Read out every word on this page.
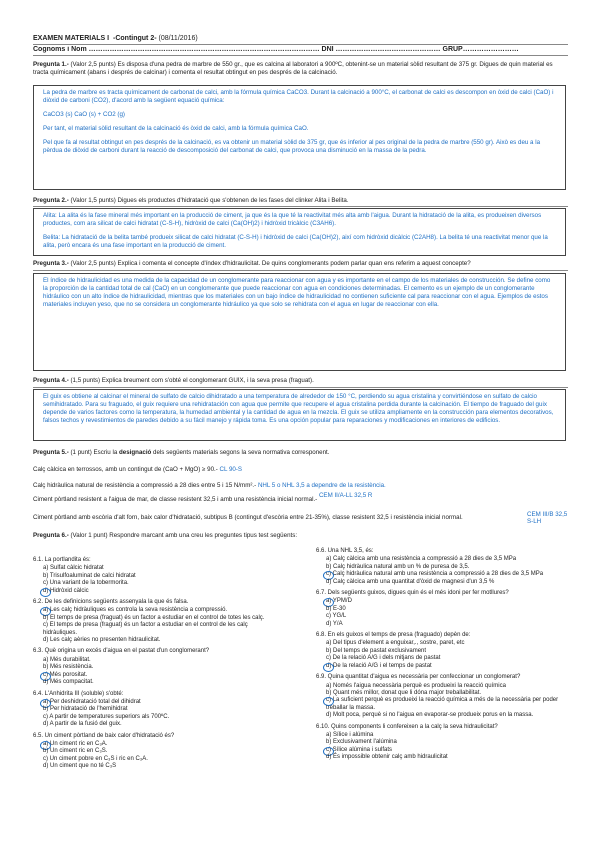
EXAMEN MATERIALS I -Contingut 2- (08/11/2016)
Cognoms i Nom ……………………………………………………………………………………… DNI ……………………………………… GRUP……………………
Pregunta 1.- (Valor 2,5 punts) Es disposa d'una pedra de marbre de 550 gr., que es calcina al laboratori a 900ºC, obtenint-se un material sòlid resultant de 375 gr. Digues de quin material es tracta químicament (abans i després de calcinar) i comenta el resultat obtingut en pes després de la calcinació.

La pedra de marbre es tracta químicament de carbonat de calci, amb la fórmula química CaCO3. Durant la calcinació a 900°C, el carbonat de calci es descompon en òxid de calci (CaO) i diòxid de carboni (CO2), d'acord amb la següent equació química:

CaCO3 (s) CaO (s) + CO2 (g)

Per tant, el material sòlid resultant de la calcinació és òxid de calci, amb la fórmula química CaO.

Pel que fa al resultat obtingut en pes després de la calcinació, es va obtenir un material sòlid de 375 gr, que és inferior al pes original de la pedra de marbre (550 gr). Això es deu a la pèrdua de diòxid de carboni durant la reacció de descomposició del carbonat de calci, que provoca una disminució en la massa de la pedra.

Pregunta 2.- (Valor 1,5 punts) Digues els productes d'hidratació que s'obtenen de les fases del clinker Alita i Belita.

Alita: La alita és la fase mineral més important en la producció de ciment, ja que és la que té la reactivitat més alta amb l'aigua. Durant la hidratació de la alita, es produeixen diversos productes, com ara silicat de calci hidratat (C-S-H), hidròxid de calci (Ca(OH)2) i hidròxid tricàlcic (C3AH6).

Belita: La hidratació de la belita també produeix silicat de calci hidratat (C-S-H) i hidròxid de calci (Ca(OH)2), així com hidròxid dicàlcic (C2AH8). La belita té una reactivitat menor que la alita, però encara és una fase important en la producció de ciment.

Pregunta 3.- (Valor 2,5 punts) Explica i comenta el concepte d'índex d'hidraulicitat. De quins conglomerants podem parlar quan ens referim a aquest concepte?

El índice de hidraulicidad es una medida de la capacidad de un conglomerante para reaccionar con agua y es importante en el campo de los materiales de construcción. Se define como la proporción de la cantidad total de cal (CaO) en un conglomerante que puede reaccionar con agua en condiciones determinadas. El cemento es un ejemplo de un conglomerante hidráulico con un alto índice de hidraulicidad, mientras que los materiales con un bajo índice de hidraulicidad no contienen suficiente cal para reaccionar con el agua. Ejemplos de estos materiales incluyen yeso, que no se considera un conglomerante hidráulico ya que solo se rehidrata con el agua en lugar de reaccionar con ella.

Pregunta 4.- (1,5 punts) Explica breument com s'obté el conglomerant GUIX, i la seva presa (fraguat).

El guix es obtiene al calcinar el mineral de sulfato de calcio dihidratado a una temperatura de alrededor de 150 °C, perdiendo su agua cristalina y convirtiéndose en sulfato de calcio semihidratado. Para su fraguado, el guix requiere una rehidratación con agua que permite que recupere el agua cristalina perdida durante la calcinación. El tiempo de fraguado del guix depende de varios factores como la temperatura, la humedad ambiental y la cantidad de agua en la mezcla. El guix se utiliza ampliamente en la construcción para elementos decorativos, falsos techos y revestimientos de paredes debido a su fácil manejo y rápida toma. Es una opción popular para reparaciones y modificaciones en interiores de edificios.

Pregunta 5.- (1 punt) Escriu la designació dels següents materials segons la seva normativa corresponent.
Calç càlcica en terrossos, amb un contingut de (CaO + MgO) ≥ 90.- CL 90-S
Calç hidràulica natural de resistència a compressió a 28 dies entre 5 i 15 N/mm².- NHL 5 o NHL 3,5 a dependre de la resistència.
Ciment pòrtland resistent a l'aigua de mar, de classe resistent 32,5 i amb una resistència inicial normal.- CEM II/A-LL 32,5 R
Ciment pòrtland amb escòria d'alt forn, baix calor d'hidratació, subtipus B (contingut d'escòria entre 21-35%), classe resistent 32,5 i resistència inicial normal.	CEM III/B 32,5 S-LH
Pregunta 6.- (Valor 1 punt) Respondre marcant amb una creu les preguntes tipus test següents:
6.1. La portlandita és:
a) Sulfat càlcic hidratat
b) Trisulfoaluminat de calci hidratat
c) Una variant de la tobermorita.
d) Hidròxid càlcic
6.2. De les definicions següents assenyala la que és falsa.
a) Les calç hidràuliques es controla la seva resistència a compressió.
b) El temps de presa (fraguat) és un factor a estudiar en el control de totes les calç.
c) El temps de presa (fraguat) és un factor a estudiar en el control de les calç hidràuliques.
d) Les calç aèries no presenten hidraulicitat.
6.3. Què origina un excés d'aigua en el pastat d'un conglomerant?
a) Més durabilitat.
b) Més resistència.
c) Més porositat.
d) Més compacitat.
6.4. L'Anhidrita III (soluble) s'obté:
a) Per deshidratació total del dihidrat
b) Per hidratació de l'hemihidrat
c) A partir de temperatures superiors als 700ºC.
d) A partir de la fusió del guix.
6.5. Un ciment pòrtland de baix calor d'hidratació és?
a) Un ciment ric en C₃A.
b) Un ciment ric en C₃S.
c) Un ciment pobre en C₃S i ric en C₃A.
d) Un ciment que no té C₃S
6.6. Una NHL 3,5, és:
a) Calç càlcica amb una resistència a compressió a 28 dies de 3,5 MPa
b) Calç hidràulica natural amb un % de puresa de 3,5.
c) Calç hidràulica natural amb una resistència a compressió a 28 dies de 3,5 MPa
d) Calç càlcica amb una quantitat d'òxid de magnesi d'un 3,5 %
6.7. Dels següents guixos, digues quin és el més idoni per fer motllures?
a) YPM/D
b) E-30
c) YG/L
d) Y/A
6.8. En els guixos el temps de presa (fraguado) depèn de:
a) Del tipus d'element a enguixar,., sostre, paret, etc
b) Del temps de pastat exclusivament
c) De la relació A/G i dels mitjans de pastat
d) De la relació A/G i el temps de pastat
6.9. Quina quantitat d'aigua es necessària per confeccionar un conglomerat?
a) Només l'aigua necessària perquè es produeixi la reacció química
b) Quant més millor, donat que li dóna major treballabilitat.
c) La suficient perquè es produeixi la reacció química a més de la necessària per poder treballar la massa.
d) Molt poca, perquè si no l'aigua en evaporar-se produeix porus en la massa.
6.10. Quins components li confereixen a la calç la seva hidraulicitat?
a) Sílice i alúmina
b) Exclusivament l'alúmina
c) Sílice alúmina i sulfats
d) És impossible obtenir calç amb hidraulicitat
